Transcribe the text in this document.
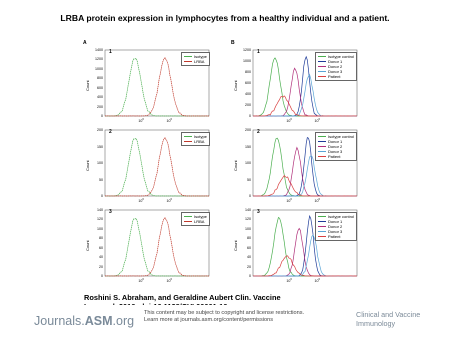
LRBA protein expression in lymphocytes from a healthy individual and a patient.
A	B
1
Count
1400
1200
1000
800
600
400
200
0
$10^0$	$10^0$
Isotype
LRBA
1
Count
1200
1000
800
600
400
200
0
$10^0$	$10^0$
Isotype control
Donor 1
Donor 2
Donor 3
Patient
2
Count
200
150
100
50
0
$10^0$	$10^0$
Isotype
LRBA
2
Count
200
150
100
50
0
$10^0$	$10^0$
Isotype control
Donor 1
Donor 2
Donor 3
Patient
3
Count
140
120
100
80
60
40
20
0
$10^0$	$10^0$
Isotype
LRBA
3
Count
140
120
100
80
60
40
20
0
$10^0$	$10^0$
Isotype control
Donor 1
Donor 2
Donor 3
Patient
Roshini S. Abraham, and Geraldine Aubert Clin. Vaccine
Journals.ASM.org
This content may be subject to copyright and license restrictions.
Learn more at journals.asm.org/content/permissions
Clinical and Vaccine
Immunology
